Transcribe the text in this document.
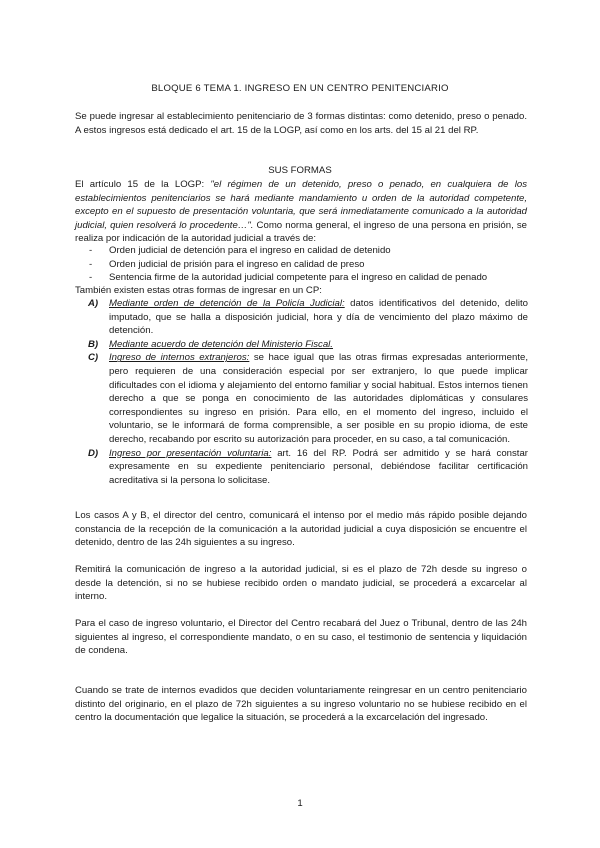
BLOQUE 6 TEMA 1. INGRESO EN UN CENTRO PENITENCIARIO

Se puede ingresar al establecimiento penitenciario de 3 formas distintas: como detenido, preso o penado. A estos ingresos está dedicado el art. 15 de la LOGP, así como en los arts. del 15 al 21 del RP.

SUS FORMAS

El artículo 15 de la LOGP: "el régimen de un detenido, preso o penado, en cualquiera de los establecimientos penitenciarios se hará mediante mandamiento u orden de la autoridad competente, excepto en el supuesto de presentación voluntaria, que será inmediatamente comunicado a la autoridad judicial, quien resolverá lo procedente…". Como norma general, el ingreso de una persona en prisión, se realiza por indicación de la autoridad judicial a través de:

- Orden judicial de detención para el ingreso en calidad de detenido
- Orden judicial de prisión para el ingreso en calidad de preso
- Sentencia firme de la autoridad judicial competente para el ingreso en calidad de penado

También existen estas otras formas de ingresar en un CP:

A) Mediante orden de detención de la Policía Judicial: datos identificativos del detenido, delito imputado, que se halla a disposición judicial, hora y día de vencimiento del plazo máximo de detención.
B) Mediante acuerdo de detención del Ministerio Fiscal.
C) Ingreso de internos extranjeros: se hace igual que las otras firmas expresadas anteriormente, pero requieren de una consideración especial por ser extranjero, lo que puede implicar dificultades con el idioma y alejamiento del entorno familiar y social habitual. Estos internos tienen derecho a que se ponga en conocimiento de las autoridades diplomáticas y consulares correspondientes su ingreso en prisión. Para ello, en el momento del ingreso, incluido el voluntario, se le informará de forma comprensible, a ser posible en su propio idioma, de este derecho, recabando por escrito su autorización para proceder, en su caso, a tal comunicación.
D) Ingreso por presentación voluntaria: art. 16 del RP. Podrá ser admitido y se hará constar expresamente en su expediente penitenciario personal, debiéndose facilitar certificación acreditativa si la persona lo solicitase.

Los casos A y B, el director del centro, comunicará el intenso por el medio más rápido posible dejando constancia de la recepción de la comunicación a la autoridad judicial a cuya disposición se encuentre el detenido, dentro de las 24h siguientes a su ingreso.

Remitirá la comunicación de ingreso a la autoridad judicial, si es el plazo de 72h desde su ingreso o desde la detención, si no se hubiese recibido orden o mandato judicial, se procederá a excarcelar al interno.

Para el caso de ingreso voluntario, el Director del Centro recabará del Juez o Tribunal, dentro de las 24h siguientes al ingreso, el correspondiente mandato, o en su caso, el testimonio de sentencia y liquidación de condena.

Cuando se trate de internos evadidos que deciden voluntariamente reingresar en un centro penitenciario distinto del originario, en el plazo de 72h siguientes a su ingreso voluntario no se hubiese recibido en el centro la documentación que legalice la situación, se procederá a la excarcelación del ingresado.

1
